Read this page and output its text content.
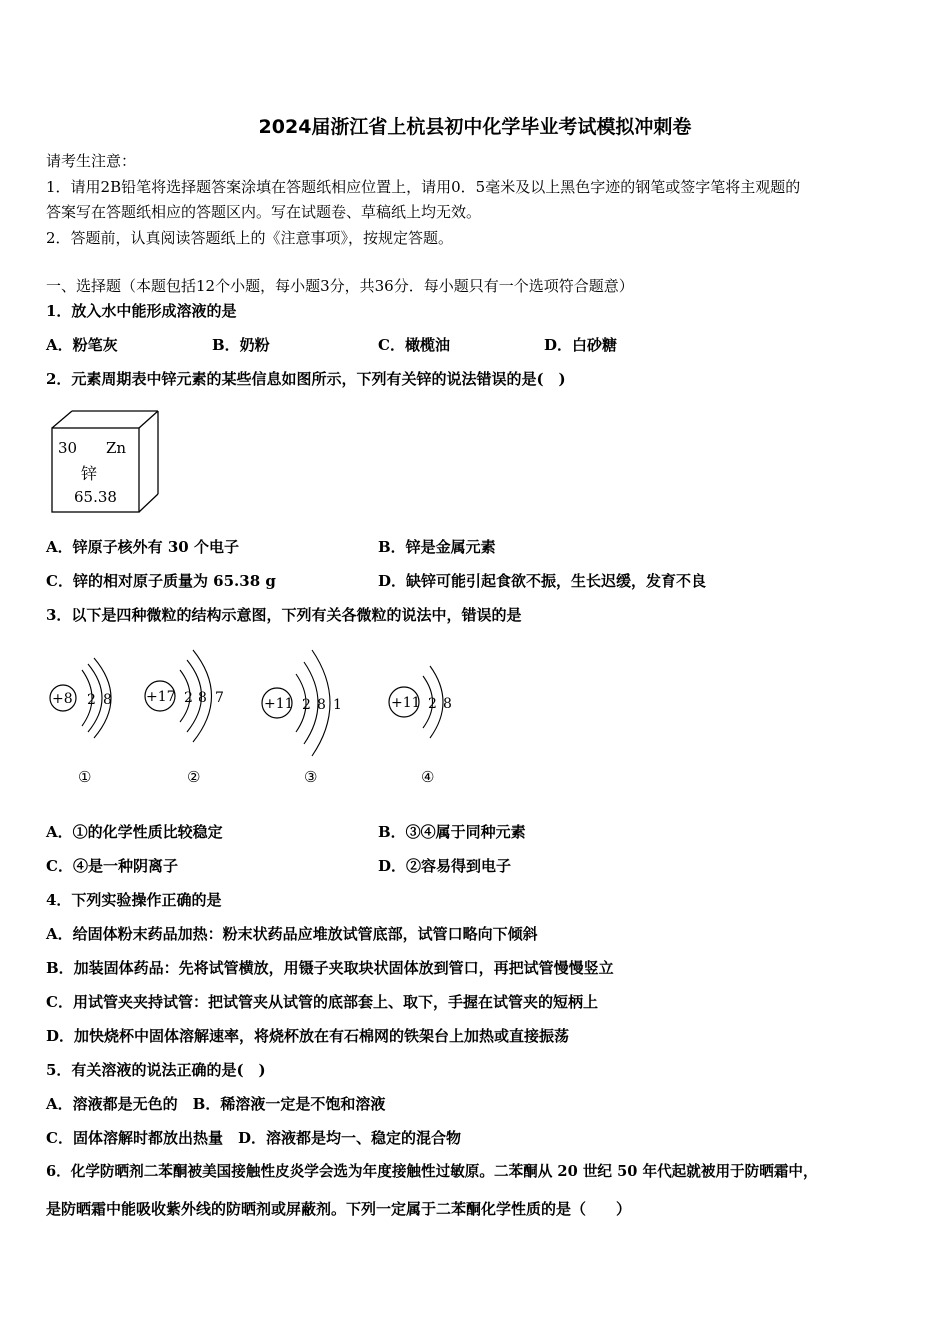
2024届浙江省上杭县初中化学毕业考试模拟冲刺卷
请考生注意：
1．请用2B铅笔将选择题答案涂填在答题纸相应位置上，请用0．5毫米及以上黑色字迹的钢笔或签字笔将主观题的
答案写在答题纸相应的答题区内。写在试题卷、草稿纸上均无效。
2．答题前，认真阅读答题纸上的《注意事项》，按规定答题。
一、选择题（本题包括12个小题，每小题3分，共36分．每小题只有一个选项符合题意）
1．放入水中能形成溶液的是
A．粉笔灰	B．奶粉	C．橄榄油	D．白砂糖
2．元素周期表中锌元素的某些信息如图所示，下列有关锌的说法错误的是(　)
30 Zn
锌
65.38
A．锌原子核外有 30 个电子	B．锌是金属元素
C．锌的相对原子质量为 65.38 g	D．缺锌可能引起食欲不振，生长迟缓，发育不良
3．以下是四种微粒的结构示意图，下列有关各微粒的说法中，错误的是
+8 2 8
①
+17 2 8 7
②
+11 2 8 1
③
+11 2 8
④
A．①的化学性质比较稳定	B．③④属于同种元素
C．④是一种阴离子	D．②容易得到电子
4．下列实验操作正确的是
A．给固体粉末药品加热：粉末状药品应堆放试管底部，试管口略向下倾斜
B．加装固体药品：先将试管横放，用镊子夹取块状固体放到管口，再把试管慢慢竖立
C．用试管夹夹持试管：把试管夹从试管的底部套上、取下，手握在试管夹的短柄上
D．加快烧杯中固体溶解速率，将烧杯放在有石棉网的铁架台上加热或直接振荡
5．有关溶液的说法正确的是(　)
A．溶液都是无色的　B．稀溶液一定是不饱和溶液
C．固体溶解时都放出热量　D．溶液都是均一、稳定的混合物
6．化学防晒剂二苯酮被美国接触性皮炎学会选为年度接触性过敏原。二苯酮从 20 世纪 50 年代起就被用于防晒霜中，
是防晒霜中能吸收紫外线的防晒剂或屏蔽剂。下列一定属于二苯酮化学性质的是（　　）
